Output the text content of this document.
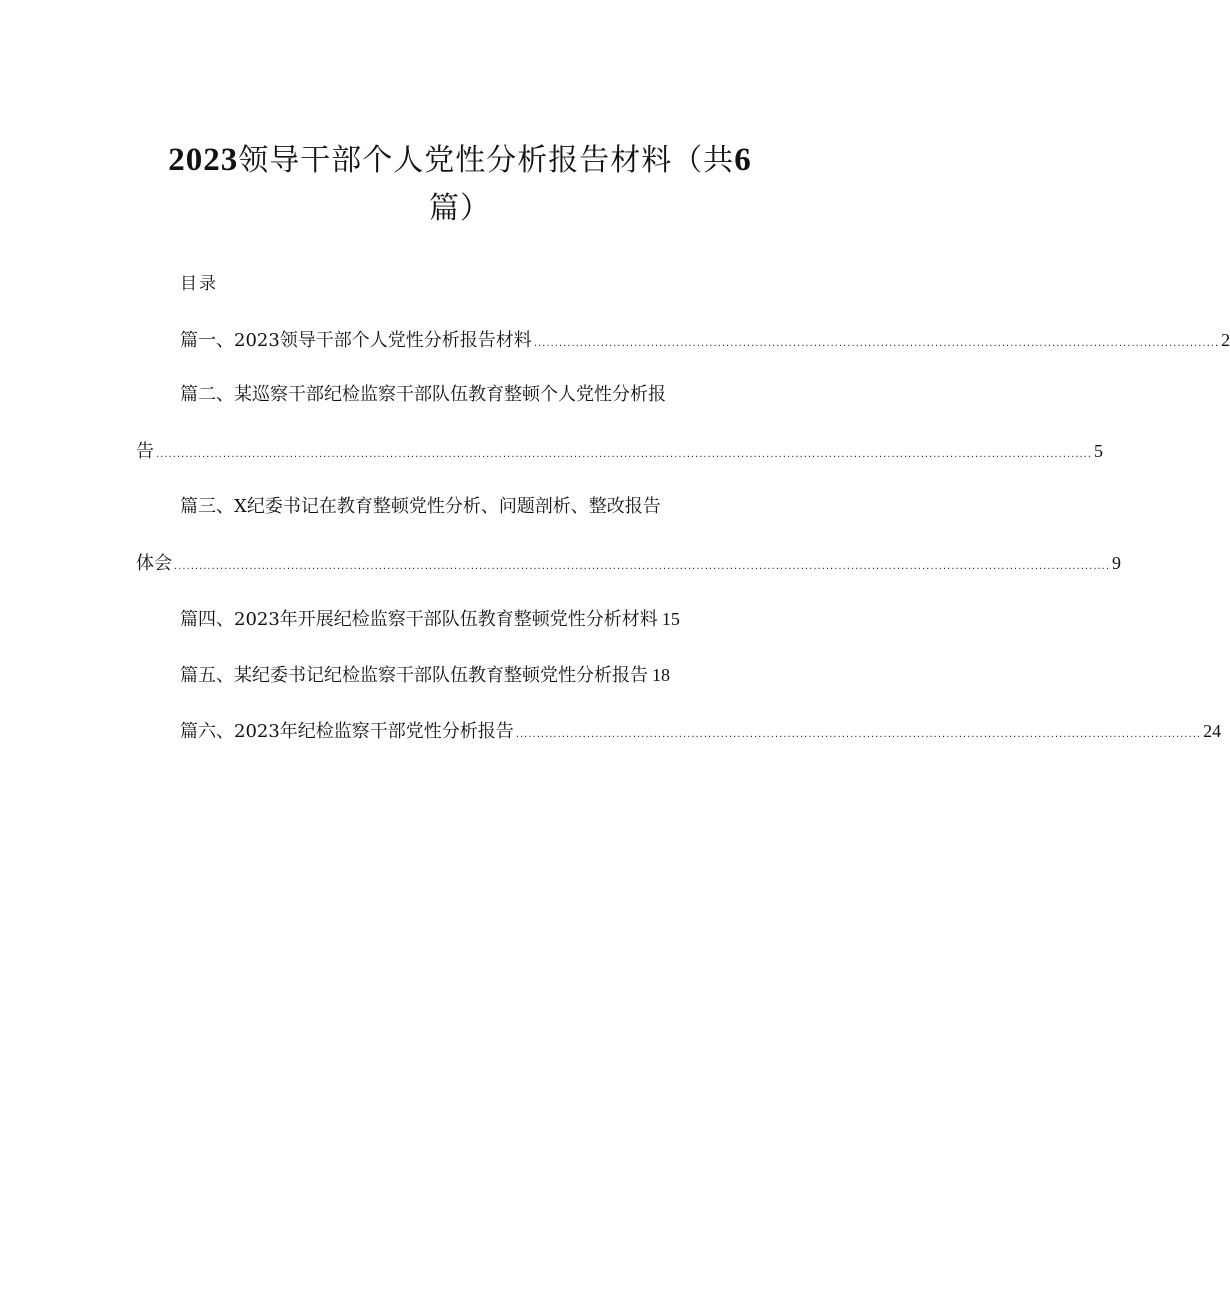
2023领导干部个人党性分析报告材料（共6
篇）
目录
篇一、2023领导干部个人党性分析报告材料 .................................................................................................................................................................... 2
篇二、某巡察干部纪检监察干部队伍教育整顿个人党性分析报
告 ................................................................................................................................................................................................................................ 5
篇三、X纪委书记在教育整顿党性分析、问题剖析、整改报告
体会 ................................................................................................................................................................................................................................ 9
篇四、2023年开展纪检监察干部队伍教育整顿党性分析材料 15
篇五、某纪委书记纪检监察干部队伍教育整顿党性分析报告 18
篇六、2023年纪检监察干部党性分析报告 .................................................................................................................................................................... 24
